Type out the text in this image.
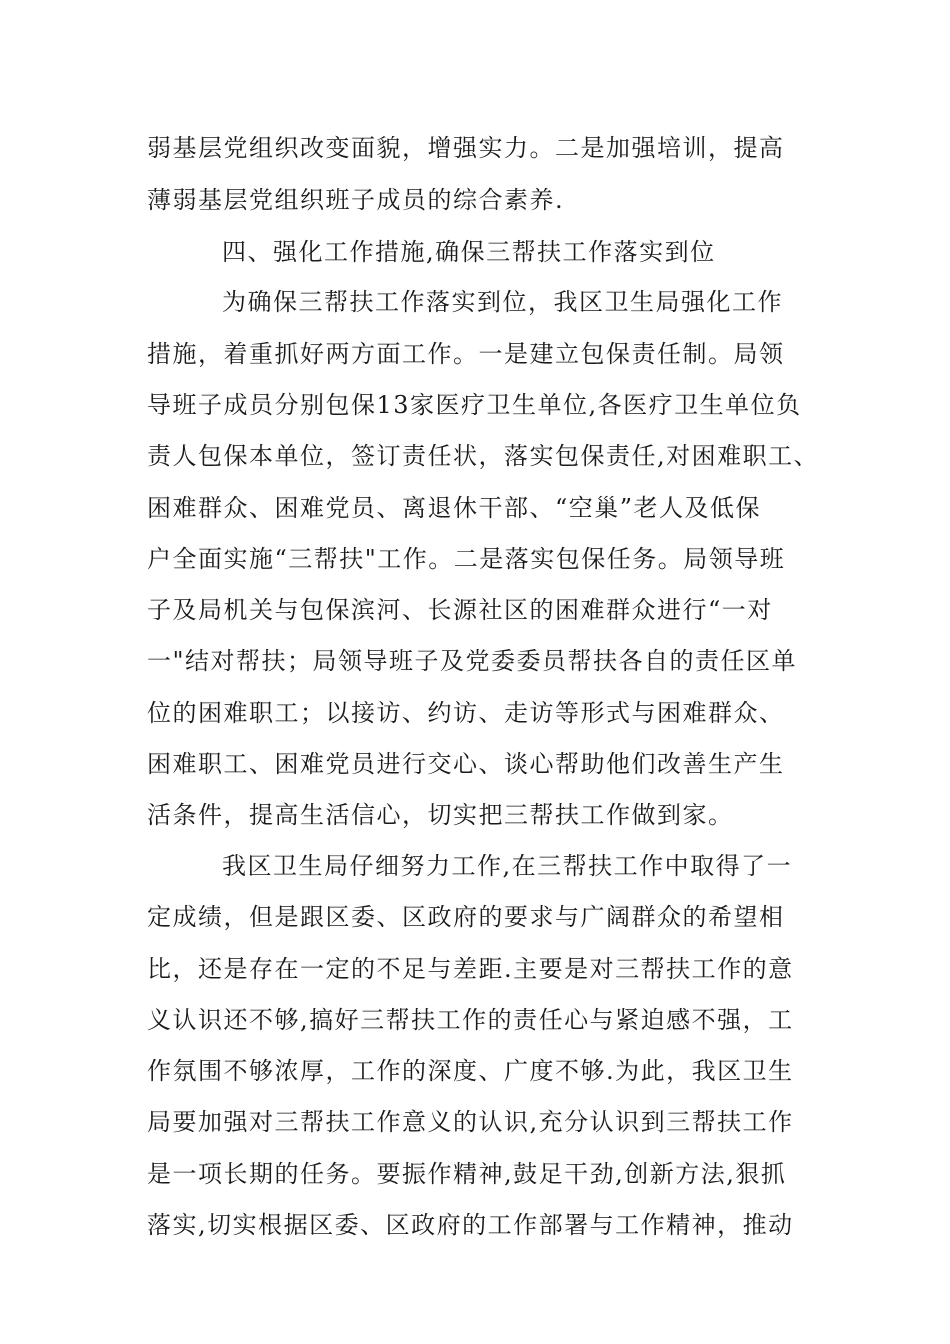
弱基层党组织改变面貌，增强实力。二是加强培训，提高
薄弱基层党组织班子成员的综合素养.
四、强化工作措施,确保三帮扶工作落实到位
为确保三帮扶工作落实到位，我区卫生局强化工作
措施，着重抓好两方面工作。一是建立包保责任制。局领
导班子成员分别包保13家医疗卫生单位,各医疗卫生单位负
责人包保本单位，签订责任状，落实包保责任,对困难职工、
困难群众、困难党员、离退休干部、“空巢”老人及低保
户全面实施“三帮扶"工作。二是落实包保任务。局领导班
子及局机关与包保滨河、长源社区的困难群众进行“一对
一"结对帮扶；局领导班子及党委委员帮扶各自的责任区单
位的困难职工；以接访、约访、走访等形式与困难群众、
困难职工、困难党员进行交心、谈心帮助他们改善生产生
活条件，提高生活信心，切实把三帮扶工作做到家。
我区卫生局仔细努力工作,在三帮扶工作中取得了一
定成绩，但是跟区委、区政府的要求与广阔群众的希望相
比，还是存在一定的不足与差距.主要是对三帮扶工作的意
义认识还不够,搞好三帮扶工作的责任心与紧迫感不强，工
作氛围不够浓厚，工作的深度、广度不够.为此，我区卫生
局要加强对三帮扶工作意义的认识,充分认识到三帮扶工作
是一项长期的任务。要振作精神,鼓足干劲,创新方法,狠抓
落实,切实根据区委、区政府的工作部署与工作精神，推动
